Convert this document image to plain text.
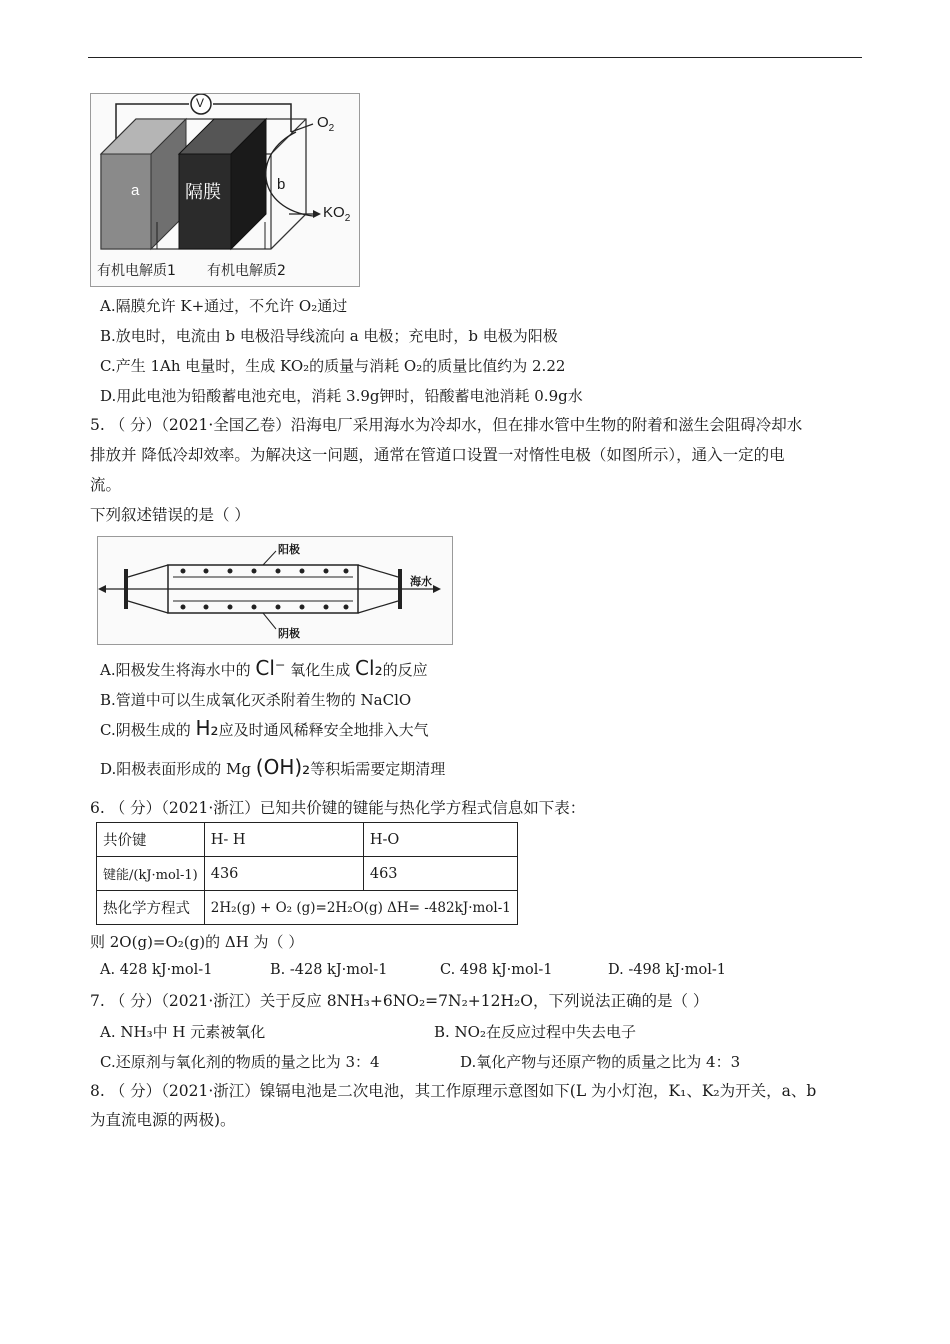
V
$O_2$
a	隔膜	b
$KO_2$
有机电解质1 有机电解质2
A.隔膜允许 K+通过，不允许 O₂通过
B.放电时，电流由 b 电极沿导线流向 a 电极；充电时，b 电极为阳极
C.产生 1Ah 电量时，生成 KO₂的质量与消耗 O₂的质量比值约为 2.22
D.用此电池为铅酸蓄电池充电，消耗 3.9g钾时，铅酸蓄电池消耗 0.9g水
5. （ 分）（2021·全国乙卷）沿海电厂采用海水为冷却水，但在排水管中生物的附着和滋生会阻碍冷却水
排放并 降低冷却效率。为解决这一问题，通常在管道口设置一对惰性电极（如图所示），通入一定的电
流。
下列叙述错误的是（ ）
阳极
阴极
海水
A.阳极发生将海水中的 Cl⁻ 氧化生成 Cl₂的反应
B.管道中可以生成氧化灭杀附着生物的 NaClO
C.阴极生成的 H₂应及时通风稀释安全地排入大气
D.阳极表面形成的 Mg (OH)₂等积垢需要定期清理
6. （ 分）（2021·浙江）已知共价键的键能与热化学方程式信息如下表：
共价键	H- H	H-O
键能/(kJ·mol-1)	436	463
热化学方程式	2H₂(g) + O₂ (g)=2H₂O(g) ΔH= -482kJ·mol-1	
则 2O(g)=O₂(g)的 ΔH 为（ ）
A. 428 kJ·mol-1	B. -428 kJ·mol-1	C. 498 kJ·mol-1	D. -498 kJ·mol-1
7. （ 分）（2021·浙江）关于反应 8NH₃+6NO₂=7N₂+12H₂O，下列说法正确的是（ ）
A. NH₃中 H 元素被氧化	B. NO₂在反应过程中失去电子
C.还原剂与氧化剂的物质的量之比为 3：4	D.氧化产物与还原产物的质量之比为 4：3
8. （ 分）（2021·浙江）镍镉电池是二次电池，其工作原理示意图如下(L 为小灯泡，K₁、K₂为开关，a、b
为直流电源的两极)。
